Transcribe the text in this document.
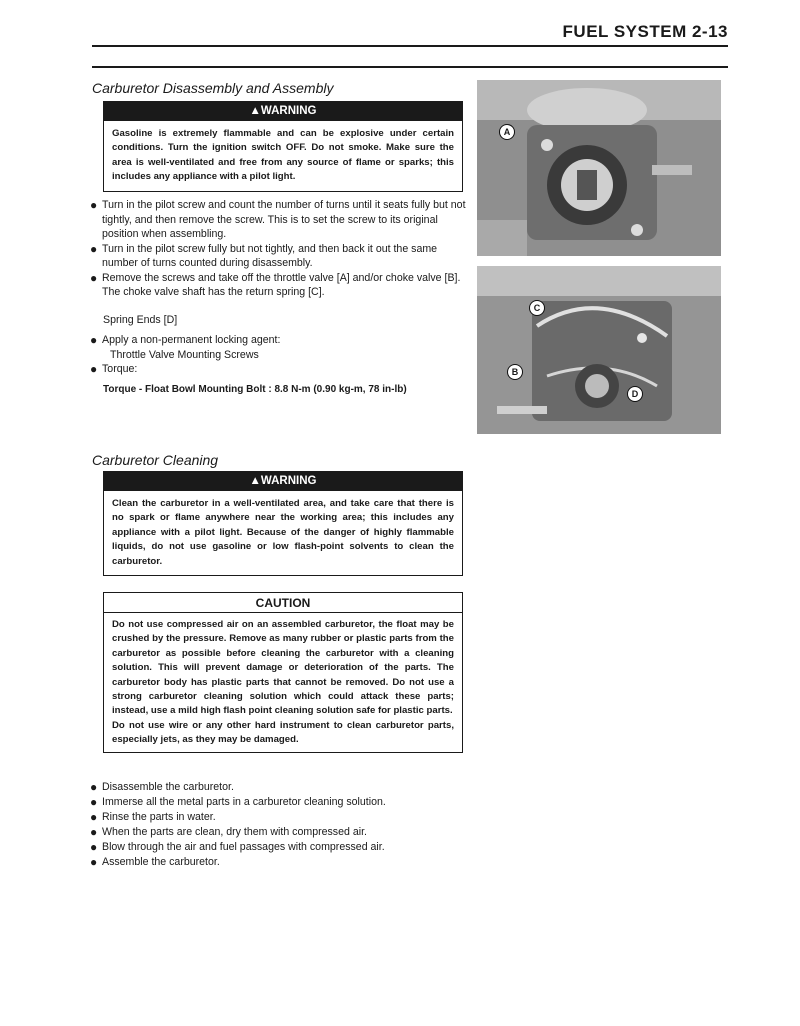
FUEL SYSTEM 2-13
Carburetor Disassembly and Assembly
▲WARNING
Gasoline is extremely flammable and can be explosive under certain conditions. Turn the ignition switch OFF. Do not smoke. Make sure the area is well-ventilated and free from any source of flame or sparks; this includes any appliance with a pilot light.
● Turn in the pilot screw and count the number of turns until it seats fully but not tightly, and then remove the screw. This is to set the screw to its original position when assembling.
● Turn in the pilot screw fully but not tightly, and then back it out the same number of turns counted during disassembly.
● Remove the screws and take off the throttle valve [A] and/or choke valve [B]. The choke valve shaft has the return spring [C].
Spring Ends [D]
● Apply a non-permanent locking agent:
Throttle Valve Mounting Screws
● Torque:
Torque - Float Bowl Mounting Bolt : 8.8 N-m (0.90 kg-m, 78 in-lb)
A
C
B
D
Carburetor Cleaning
▲WARNING
Clean the carburetor in a well-ventilated area, and take care that there is no spark or flame anywhere near the working area; this includes any appliance with a pilot light. Because of the danger of highly flammable liquids, do not use gasoline or low flash-point solvents to clean the carburetor.
CAUTION
Do not use compressed air on an assembled carburetor, the float may be crushed by the pressure. Remove as many rubber or plastic parts from the carburetor as possible before cleaning the carburetor with a cleaning solution. This will prevent damage or deterioration of the parts. The carburetor body has plastic parts that cannot be removed. Do not use a strong carburetor cleaning solution which could attack these parts; instead, use a mild high flash point cleaning solution safe for plastic parts.
Do not use wire or any other hard instrument to clean carburetor parts, especially jets, as they may be damaged.
● Disassemble the carburetor.
● Immerse all the metal parts in a carburetor cleaning solution.
● Rinse the parts in water.
● When the parts are clean, dry them with compressed air.
● Blow through the air and fuel passages with compressed air.
● Assemble the carburetor.
